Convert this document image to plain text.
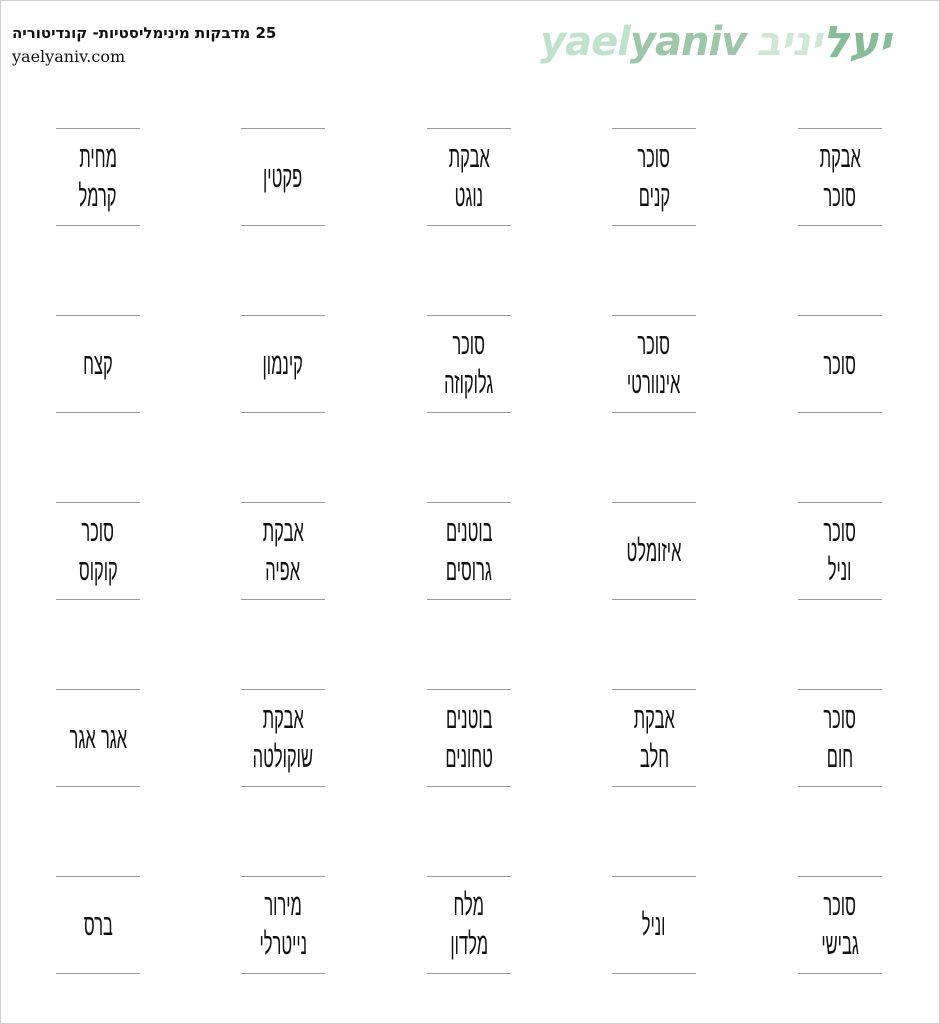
25 מדבקות מינימליסטיות- קונדיטוריה
yaelyaniv.com	yael yaniv יניב יעל
אבקת
סוכר
סוכר
קנים
אבקת
נוגט
פקטין
מחית
קרמל
סוכר
סוכר
אינוורטי
סוכר
גלוקוזה
קינמון
קצח
סוכר
וניל
איזומלט
בוטנים
גרוסים
אבקת
אפיה
סוכר
קוקוס
סוכר
חום
אבקת
חלב
בוטנים
טחונים
אבקת
שוקולטה
אגר אגר
סוכר
גבישי
וניל
מלח
מלדון
מירור
נייטרלי
ברס
